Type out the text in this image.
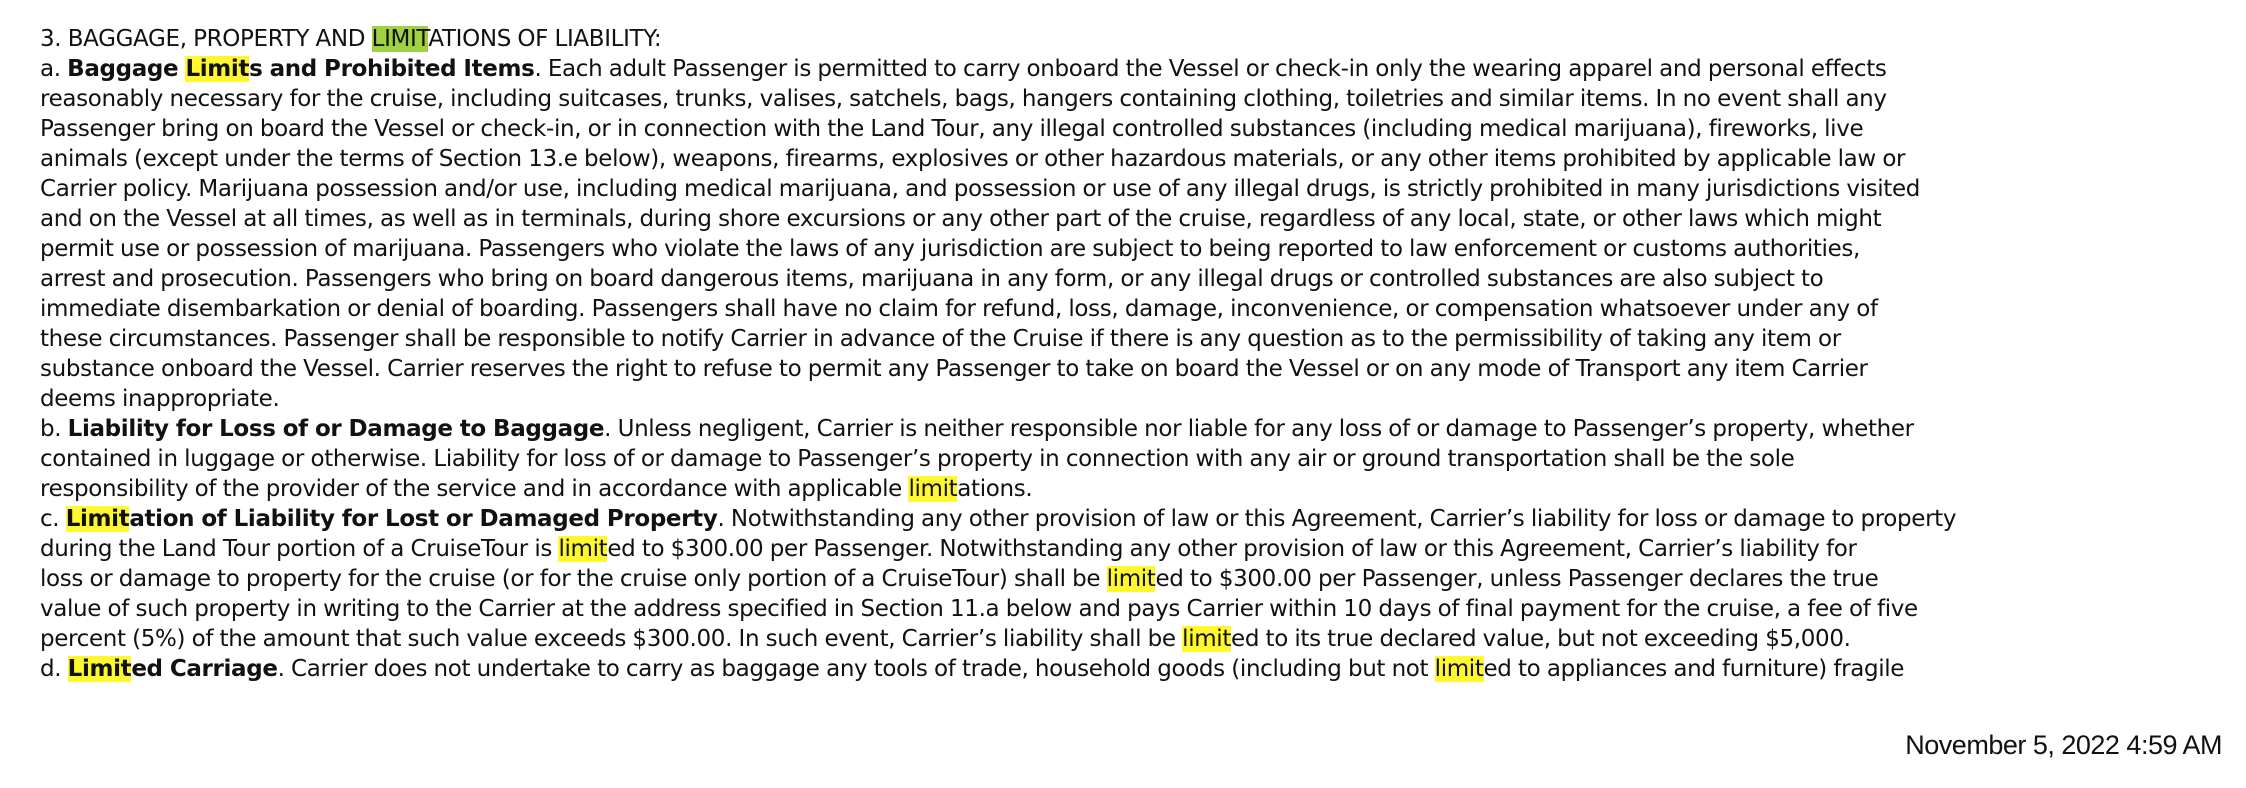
3. BAGGAGE, PROPERTY AND LIMITATIONS OF LIABILITY:
a. Baggage Limits and Prohibited Items. Each adult Passenger is permitted to carry onboard the Vessel or check-in only the wearing apparel and personal effects
reasonably necessary for the cruise, including suitcases, trunks, valises, satchels, bags, hangers containing clothing, toiletries and similar items. In no event shall any
Passenger bring on board the Vessel or check-in, or in connection with the Land Tour, any illegal controlled substances (including medical marijuana), fireworks, live
animals (except under the terms of Section 13.e below), weapons, firearms, explosives or other hazardous materials, or any other items prohibited by applicable law or
Carrier policy. Marijuana possession and/or use, including medical marijuana, and possession or use of any illegal drugs, is strictly prohibited in many jurisdictions visited
and on the Vessel at all times, as well as in terminals, during shore excursions or any other part of the cruise, regardless of any local, state, or other laws which might
permit use or possession of marijuana. Passengers who violate the laws of any jurisdiction are subject to being reported to law enforcement or customs authorities,
arrest and prosecution. Passengers who bring on board dangerous items, marijuana in any form, or any illegal drugs or controlled substances are also subject to
immediate disembarkation or denial of boarding. Passengers shall have no claim for refund, loss, damage, inconvenience, or compensation whatsoever under any of
these circumstances. Passenger shall be responsible to notify Carrier in advance of the Cruise if there is any question as to the permissibility of taking any item or
substance onboard the Vessel. Carrier reserves the right to refuse to permit any Passenger to take on board the Vessel or on any mode of Transport any item Carrier
deems inappropriate.
b. Liability for Loss of or Damage to Baggage. Unless negligent, Carrier is neither responsible nor liable for any loss of or damage to Passenger’s property, whether
contained in luggage or otherwise. Liability for loss of or damage to Passenger’s property in connection with any air or ground transportation shall be the sole
responsibility of the provider of the service and in accordance with applicable limitations.
c. Limitation of Liability for Lost or Damaged Property. Notwithstanding any other provision of law or this Agreement, Carrier’s liability for loss or damage to property
during the Land Tour portion of a CruiseTour is limited to $300.00 per Passenger. Notwithstanding any other provision of law or this Agreement, Carrier’s liability for
loss or damage to property for the cruise (or for the cruise only portion of a CruiseTour) shall be limited to $300.00 per Passenger, unless Passenger declares the true
value of such property in writing to the Carrier at the address specified in Section 11.a below and pays Carrier within 10 days of final payment for the cruise, a fee of five
percent (5%) of the amount that such value exceeds $300.00. In such event, Carrier’s liability shall be limited to its true declared value, but not exceeding $5,000.
d. Limited Carriage. Carrier does not undertake to carry as baggage any tools of trade, household goods (including but not limited to appliances and furniture) fragile
November 5, 2022 4:59 AM
